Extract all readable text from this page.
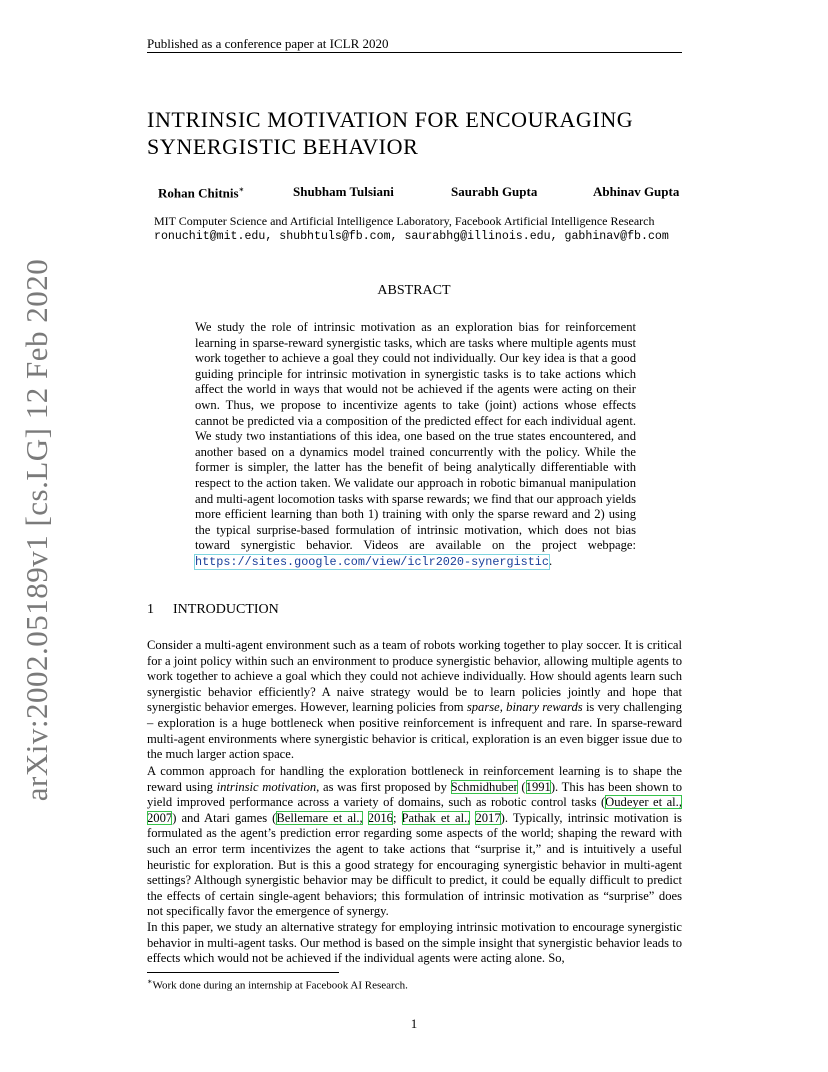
Published as a conference paper at ICLR 2020
arXiv:2002.05189v1 [cs.LG] 12 Feb 2020
INTRINSIC MOTIVATION FOR ENCOURAGING
SYNERGISTIC BEHAVIOR
Rohan Chitnis∗	Shubham Tulsiani	Saurabh Gupta	Abhinav Gupta
MIT Computer Science and Artificial Intelligence Laboratory, Facebook Artificial Intelligence Research
ronuchit@mit.edu, shubhtuls@fb.com, saurabhg@illinois.edu, gabhinav@fb.com
ABSTRACT
We study the role of intrinsic motivation as an exploration bias for reinforcement learning in sparse-reward synergistic tasks, which are tasks where multiple agents must work together to achieve a goal they could not individually. Our key idea is that a good guiding principle for intrinsic motivation in synergistic tasks is to take actions which affect the world in ways that would not be achieved if the agents were acting on their own. Thus, we propose to incentivize agents to take (joint) actions whose effects cannot be predicted via a composition of the predicted effect for each individual agent. We study two instantiations of this idea, one based on the true states encountered, and another based on a dynamics model trained concurrently with the policy. While the former is simpler, the latter has the benefit of being analytically differentiable with respect to the action taken. We validate our approach in robotic bimanual manipulation and multi-agent locomotion tasks with sparse rewards; we find that our approach yields more efficient learning than both 1) training with only the sparse reward and 2) using the typical surprise-based formulation of intrinsic motivation, which does not bias toward synergistic behavior. Videos are available on the project webpage: https://sites.google.com/view/iclr2020-synergistic.
1 INTRODUCTION
Consider a multi-agent environment such as a team of robots working together to play soccer. It is critical for a joint policy within such an environment to produce synergistic behavior, allowing multiple agents to work together to achieve a goal which they could not achieve individually. How should agents learn such synergistic behavior efficiently? A naive strategy would be to learn policies jointly and hope that synergistic behavior emerges. However, learning policies from sparse, binary rewards is very challenging – exploration is a huge bottleneck when positive reinforcement is infrequent and rare. In sparse-reward multi-agent environments where synergistic behavior is critical, exploration is an even bigger issue due to the much larger action space.
A common approach for handling the exploration bottleneck in reinforcement learning is to shape the reward using intrinsic motivation, as was first proposed by Schmidhuber (1991). This has been shown to yield improved performance across a variety of domains, such as robotic control tasks (Oudeyer et al., 2007) and Atari games (Bellemare et al., 2016; Pathak et al., 2017). Typically, intrinsic motivation is formulated as the agent’s prediction error regarding some aspects of the world; shaping the reward with such an error term incentivizes the agent to take actions that “surprise it,” and is intuitively a useful heuristic for exploration. But is this a good strategy for encouraging synergistic behavior in multi-agent settings? Although synergistic behavior may be difficult to predict, it could be equally difficult to predict the effects of certain single-agent behaviors; this formulation of intrinsic motivation as “surprise” does not specifically favor the emergence of synergy.
In this paper, we study an alternative strategy for employing intrinsic motivation to encourage synergistic behavior in multi-agent tasks. Our method is based on the simple insight that synergistic behavior leads to effects which would not be achieved if the individual agents were acting alone. So,
∗Work done during an internship at Facebook AI Research.
1
